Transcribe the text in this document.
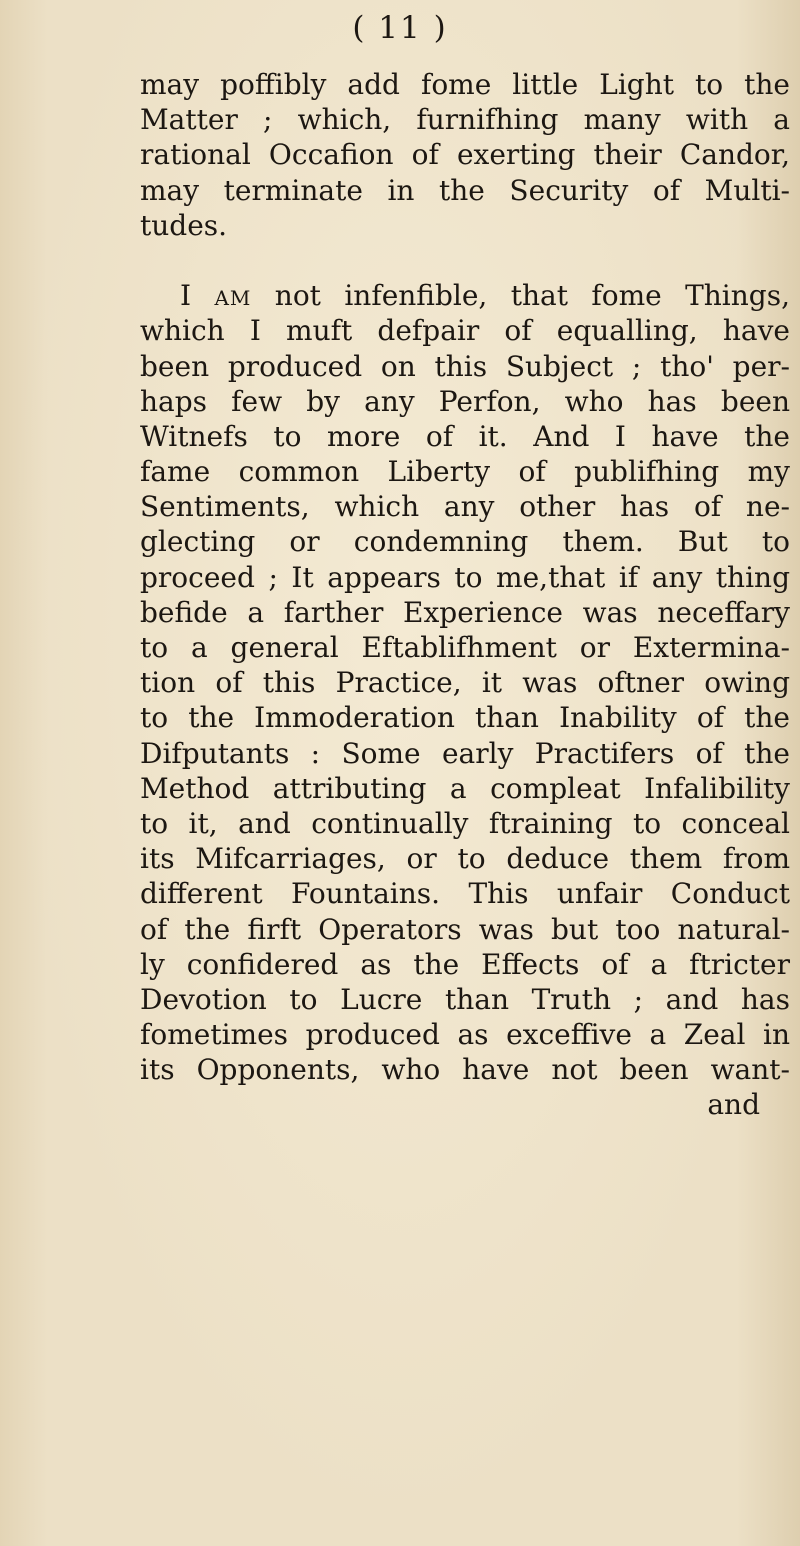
( 11 )
may poffibly add fome little Light to the
Matter ; which, furnifhing many with a
rational Occafion of exerting their Candor,
may terminate in the Security of Multi-
tudes.
I AM not infenfible, that fome Things,
which I muft defpair of equalling, have
been produced on this Subject ; tho' per-
haps few by any Perfon, who has been
Witnefs to more of it. And I have the
fame common Liberty of publifhing my
Sentiments, which any other has of ne-
glecting or condemning them. But to
proceed ; It appears to me,that if any thing
befide a farther Experience was neceffary
to a general Eftablifhment or Extermina-
tion of this Practice, it was oftner owing
to the Immoderation than Inability of the
Difputants : Some early Practifers of the
Method attributing a compleat Infalibility
to it, and continually ftraining to conceal
its Mifcarriages, or to deduce them from
different Fountains. This unfair Conduct
of the firft Operators was but too natural-
ly confidered as the Effects of a ftricter
Devotion to Lucre than Truth ; and has
fometimes produced as exceffive a Zeal in
its Opponents, who have not been want-
and
